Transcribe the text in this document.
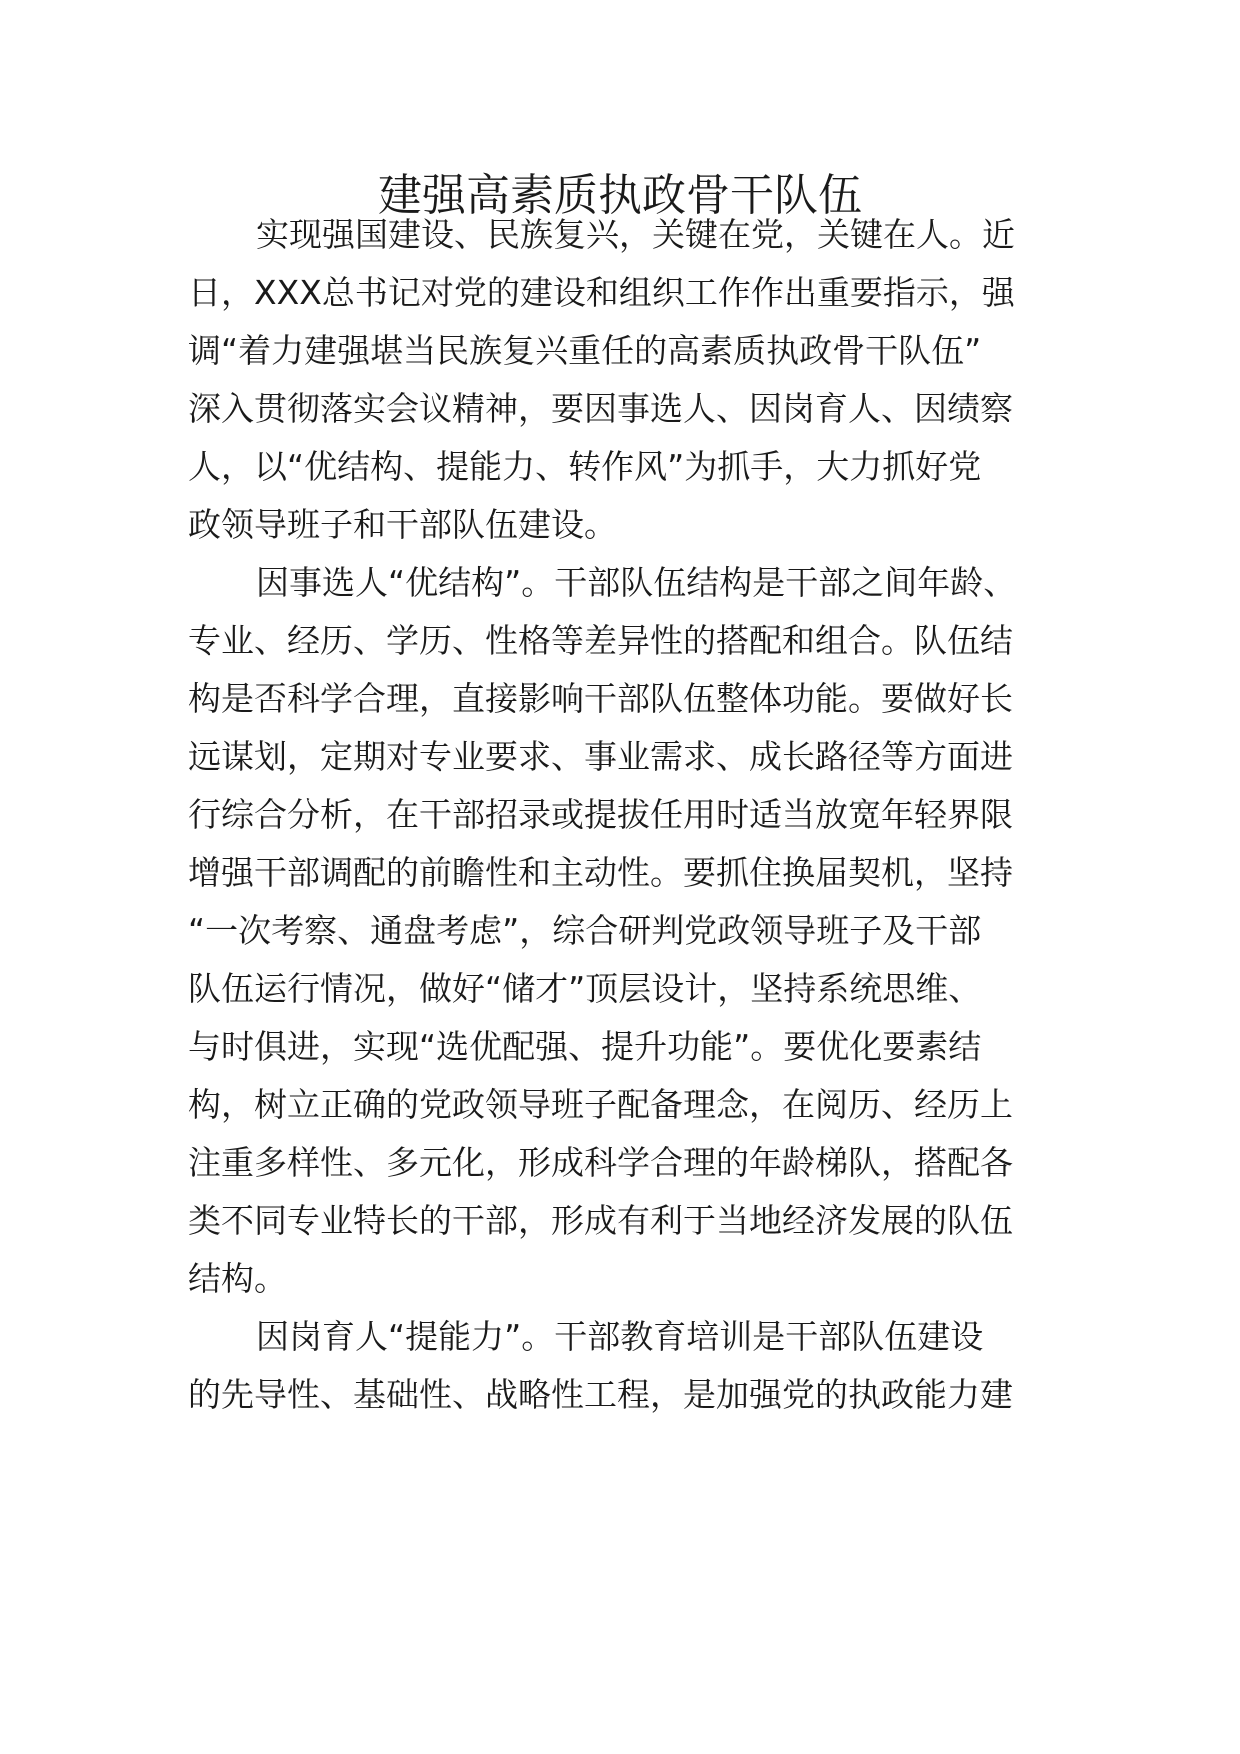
建强高素质执政骨干队伍

实现强国建设、民族复兴，关键在党，关键在人。近

日，XXX总书记对党的建设和组织工作作出重要指示，强

调“着力建强堪当民族复兴重任的高素质执政骨干队伍”

深入贯彻落实会议精神，要因事选人、因岗育人、因绩察

人，以“优结构、提能力、转作风”为抓手，大力抓好党

政领导班子和干部队伍建设。

因事选人“优结构”。干部队伍结构是干部之间年龄、

专业、经历、学历、性格等差异性的搭配和组合。队伍结

构是否科学合理，直接影响干部队伍整体功能。要做好长

远谋划，定期对专业要求、事业需求、成长路径等方面进

行综合分析，在干部招录或提拔任用时适当放宽年轻界限

增强干部调配的前瞻性和主动性。要抓住换届契机，坚持

“一次考察、通盘考虑”，综合研判党政领导班子及干部

队伍运行情况，做好“储才”顶层设计，坚持系统思维、

与时俱进，实现“选优配强、提升功能”。要优化要素结

构，树立正确的党政领导班子配备理念，在阅历、经历上

注重多样性、多元化，形成科学合理的年龄梯队，搭配各

类不同专业特长的干部，形成有利于当地经济发展的队伍

结构。

因岗育人“提能力”。干部教育培训是干部队伍建设

的先导性、基础性、战略性工程，是加强党的执政能力建
